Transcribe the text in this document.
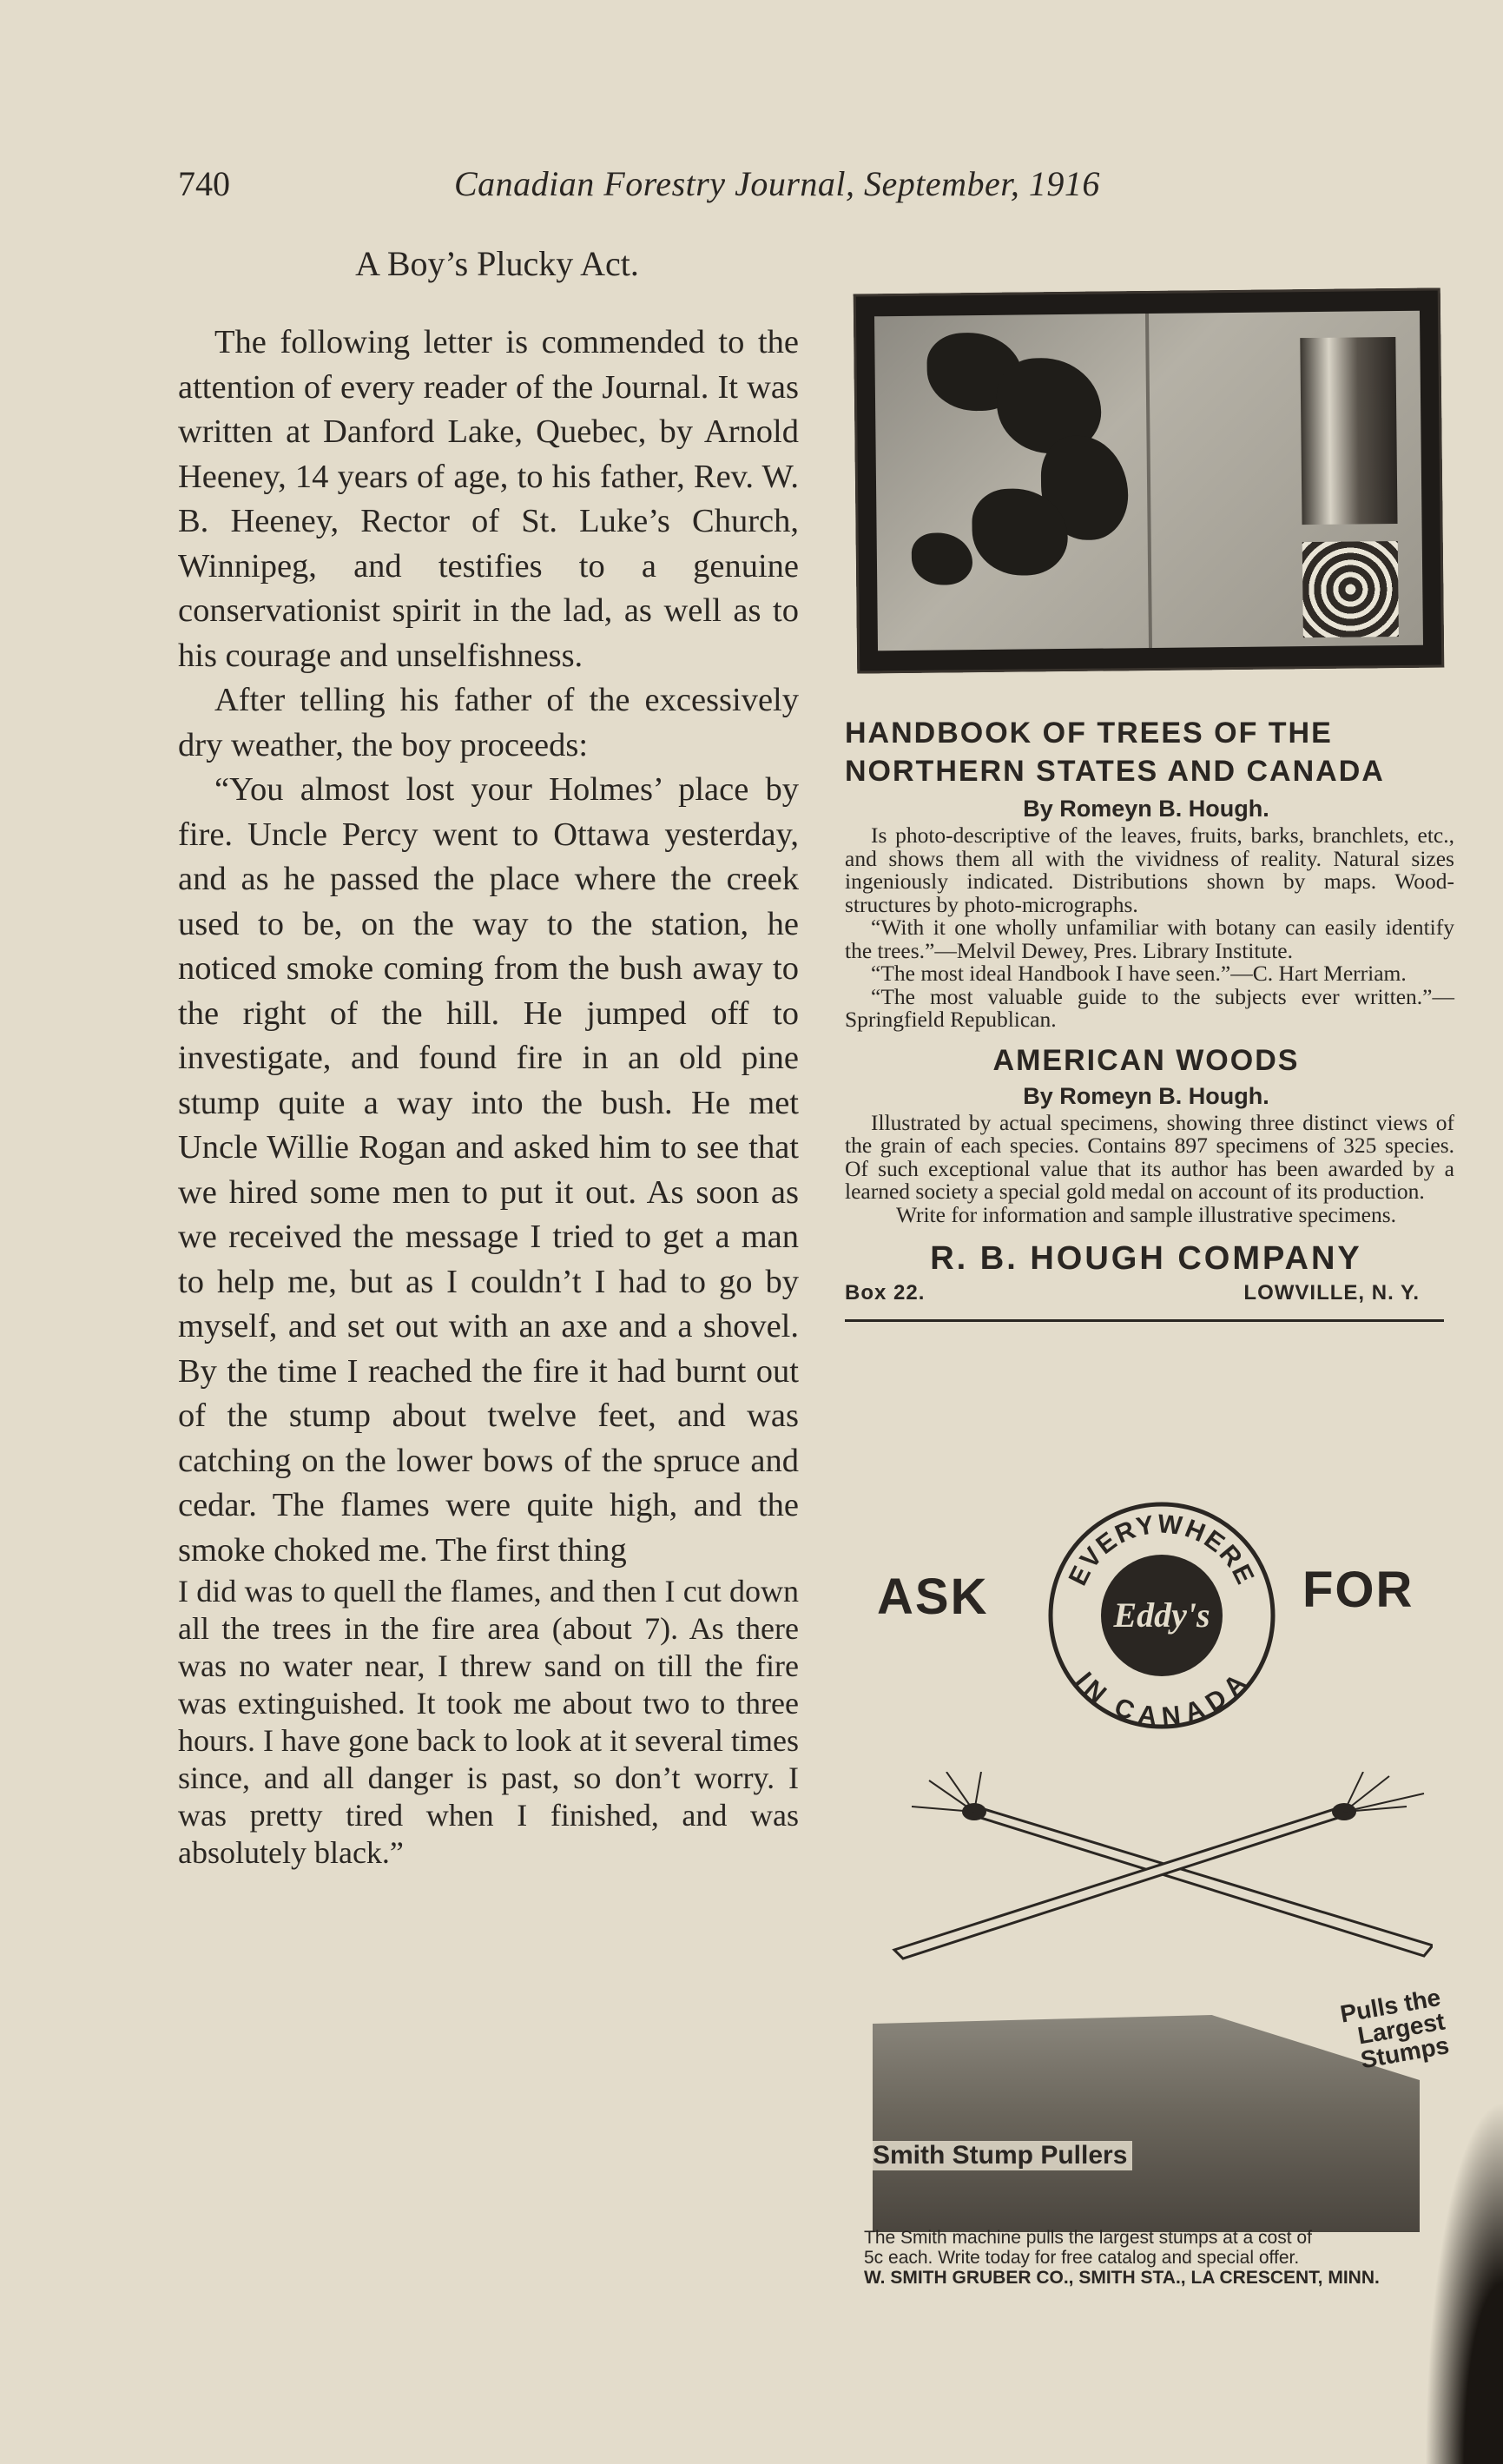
740	Canadian Forestry Journal, September, 1916
A Boy’s Plucky Act.

The following letter is commended to the attention of every reader of the Journal. It was written at Danford Lake, Quebec, by Arnold Heeney, 14 years of age, to his father, Rev. W. B. Heeney, Rector of St. Luke’s Church, Winnipeg, and testifies to a genuine conservationist spirit in the lad, as well as to his courage and unselfishness.

After telling his father of the excessively dry weather, the boy proceeds:

“You almost lost your Holmes’ place by fire. Uncle Percy went to Ottawa yesterday, and as he passed the place where the creek used to be, on the way to the station, he noticed smoke coming from the bush away to the right of the hill. He jumped off to investigate, and found fire in an old pine stump quite a way into the bush. He met Uncle Willie Rogan and asked him to see that we hired some men to put it out. As soon as we received the message I tried to get a man to help me, but as I couldn’t I had to go by myself, and set out with an axe and a shovel. By the time I reached the fire it had burnt out of the stump about twelve feet, and was catching on the lower bows of the spruce and cedar. The flames were quite high, and the smoke choked me. The first thing

I did was to quell the flames, and then I cut down all the trees in the fire area (about 7). As there was no water near, I threw sand on till the fire was extinguished. It took me about two to three hours. I have gone back to look at it several times since, and all danger is past, so don’t worry. I was pretty tired when I finished, and was absolutely black.”

HANDBOOK OF TREES OF THE
NORTHERN STATES AND CANADA
By Romeyn B. Hough.

Is photo-descriptive of the leaves, fruits, barks, branchlets, etc., and shows them all with the vividness of reality. Natural sizes ingeniously indicated. Distributions shown by maps. Wood-structures by photo-micrographs.

“With it one wholly unfamiliar with botany can easily identify the trees.”—Melvil Dewey, Pres. Library Institute.

“The most ideal Handbook I have seen.”—C. Hart Merriam.

“The most valuable guide to the subjects ever written.”—Springfield Republican.

AMERICAN WOODS
By Romeyn B. Hough.

Illustrated by actual specimens, showing three distinct views of the grain of each species. Contains 897 specimens of 325 species. Of such exceptional value that its author has been awarded by a learned society a special gold medal on account of its production.

Write for information and sample illustrative specimens.
R. B. HOUGH COMPANY
Box 22.	LOWVILLE, N. Y.
ASK	FOR
EVERYWHERE
IN CANADA
Eddy's
Pulls the Largest Stumps
Smith Stump Pullers
The Smith machine pulls the largest stumps at a cost of
5c each. Write today for free catalog and special offer.
W. SMITH GRUBER CO., SMITH STA., LA CRESCENT, MINN.
